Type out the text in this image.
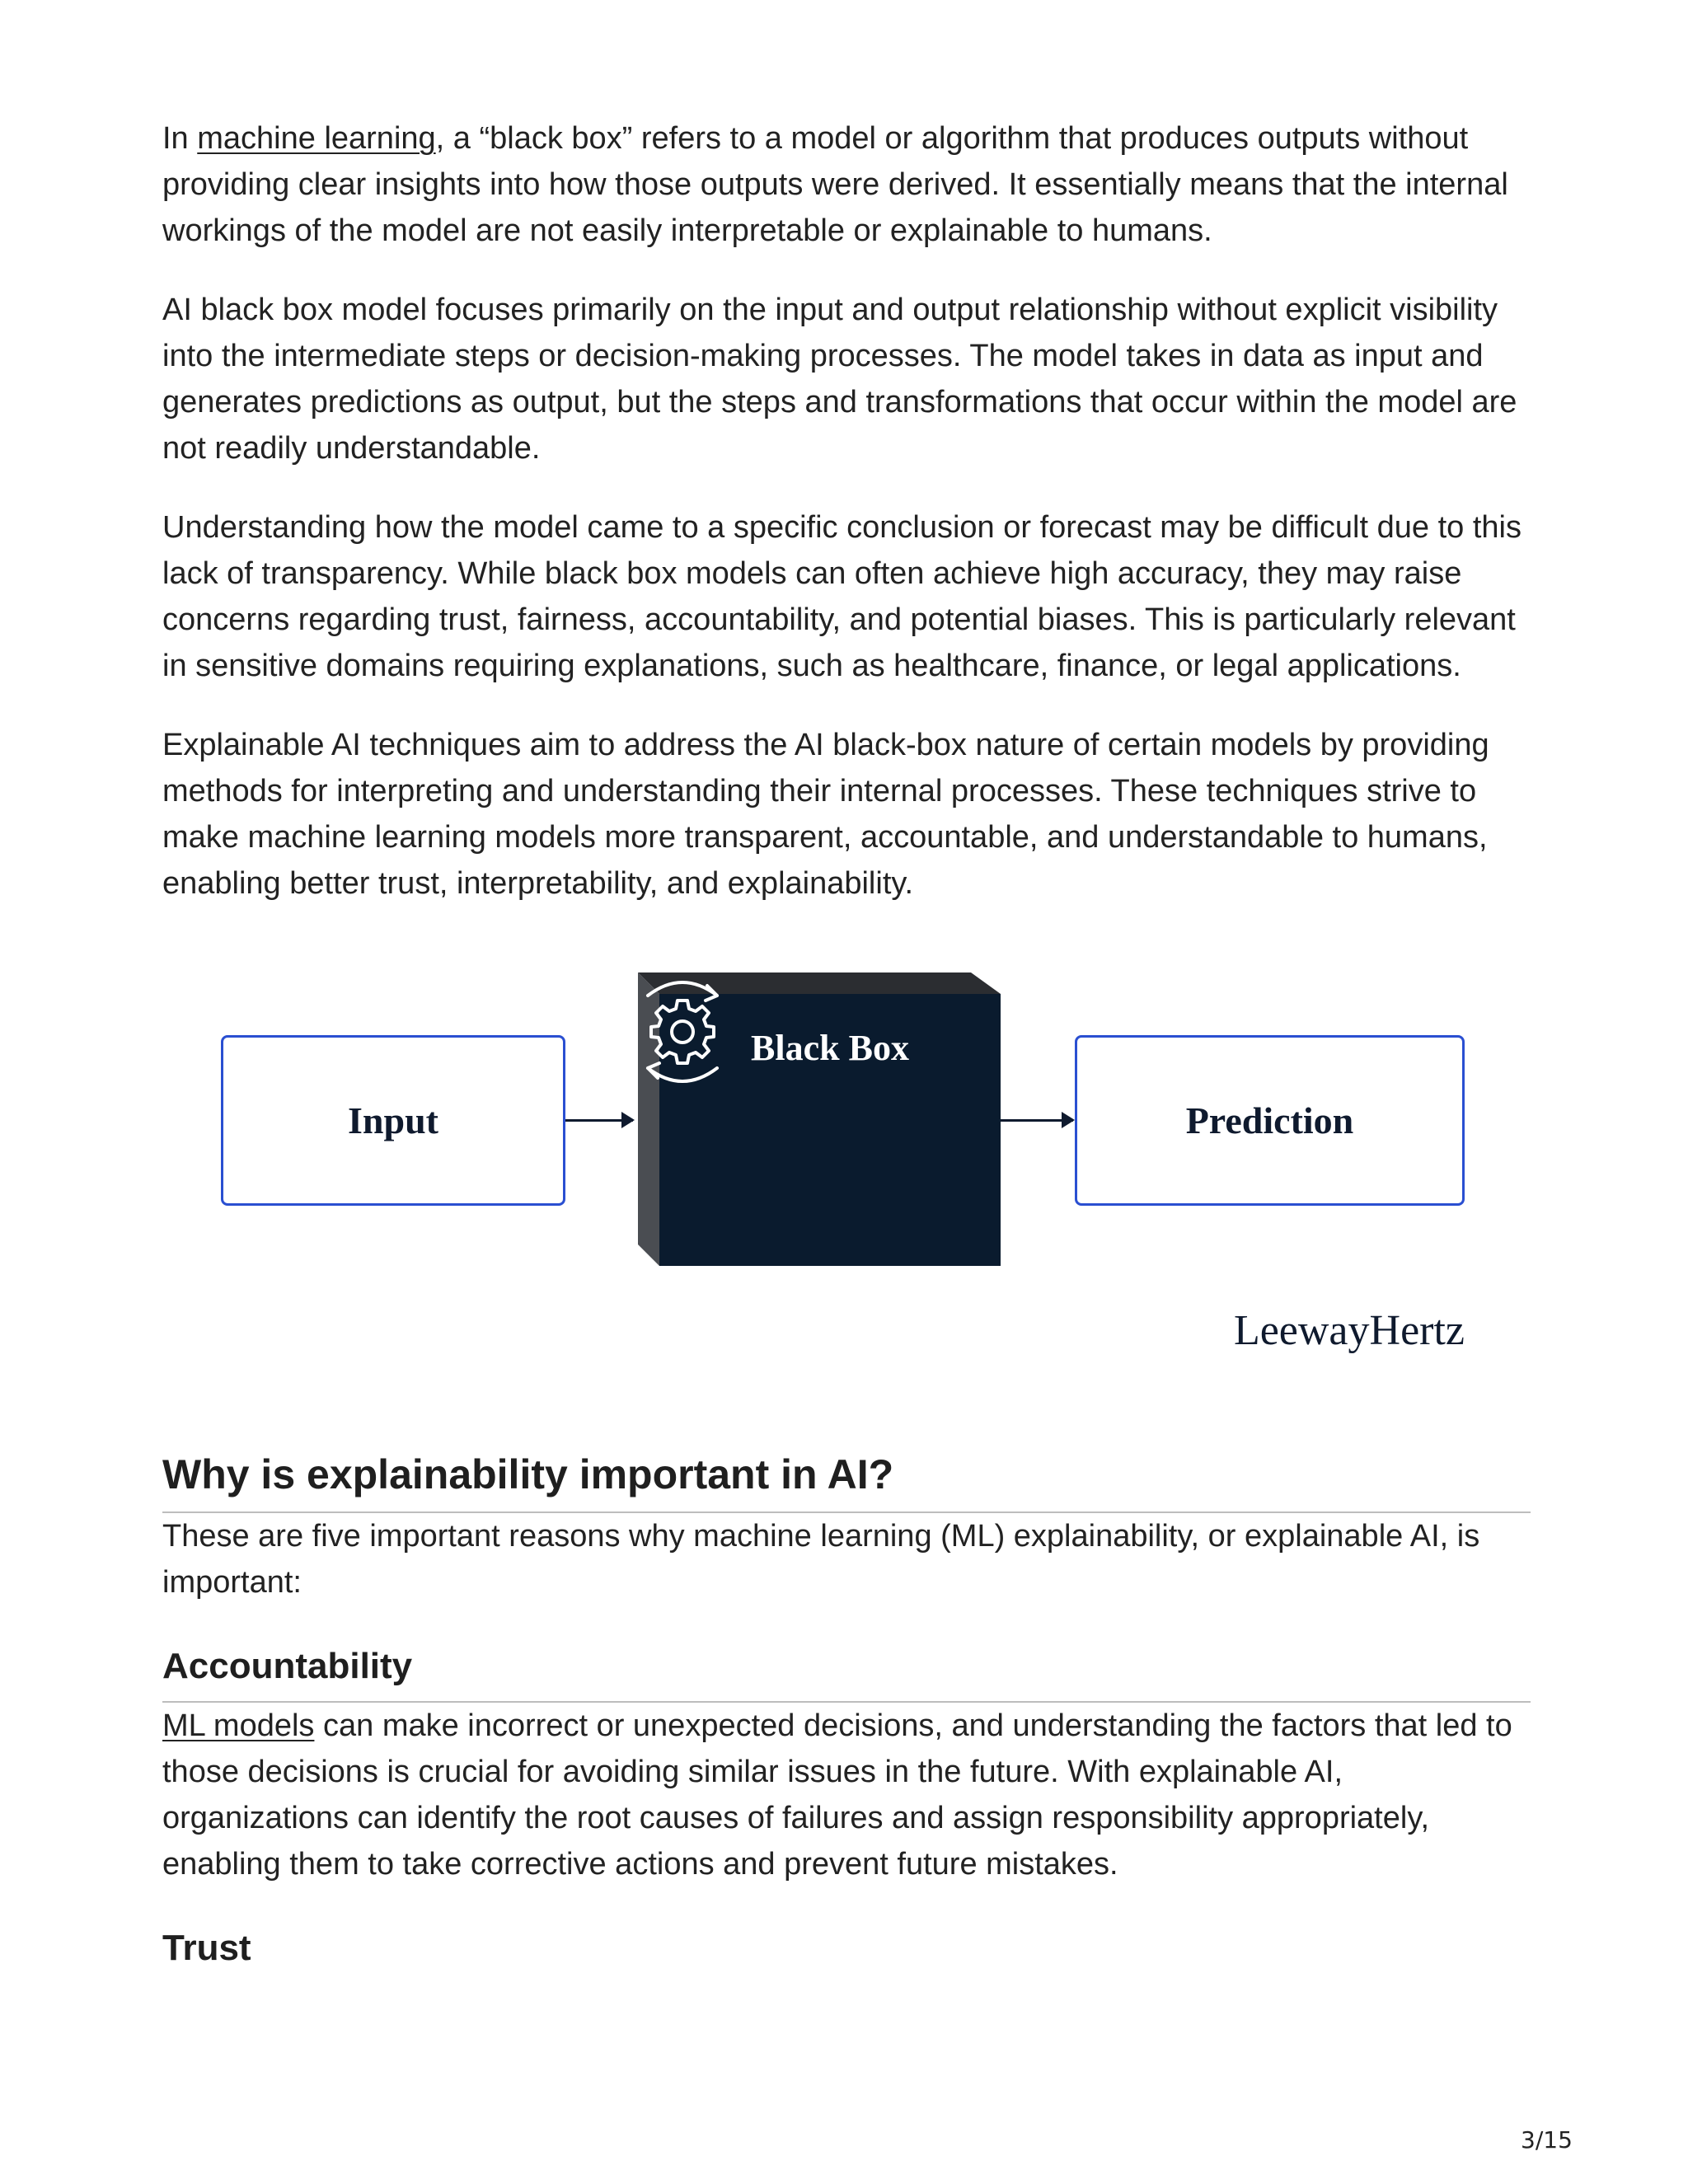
In machine learning, a “black box” refers to a model or algorithm that produces outputs without providing clear insights into how those outputs were derived. It essentially means that the internal workings of the model are not easily interpretable or explainable to humans.

AI black box model focuses primarily on the input and output relationship without explicit visibility into the intermediate steps or decision-making processes. The model takes in data as input and generates predictions as output, but the steps and transformations that occur within the model are not readily understandable.

Understanding how the model came to a specific conclusion or forecast may be difficult due to this lack of transparency. While black box models can often achieve high accuracy, they may raise concerns regarding trust, fairness, accountability, and potential biases. This is particularly relevant in sensitive domains requiring explanations, such as healthcare, finance, or legal applications.

Explainable AI techniques aim to address the AI black-box nature of certain models by providing methods for interpreting and understanding their internal processes. These techniques strive to make machine learning models more transparent, accountable, and understandable to humans, enabling better trust, interpretability, and explainability.

Input
Black Box
Prediction
LeewayHertz
Why is explainability important in AI?

These are five important reasons why machine learning (ML) explainability, or explainable AI, is important:

Accountability

ML models can make incorrect or unexpected decisions, and understanding the factors that led to those decisions is crucial for avoiding similar issues in the future. With explainable AI, organizations can identify the root causes of failures and assign responsibility appropriately, enabling them to take corrective actions and prevent future mistakes.

Trust
3/15
